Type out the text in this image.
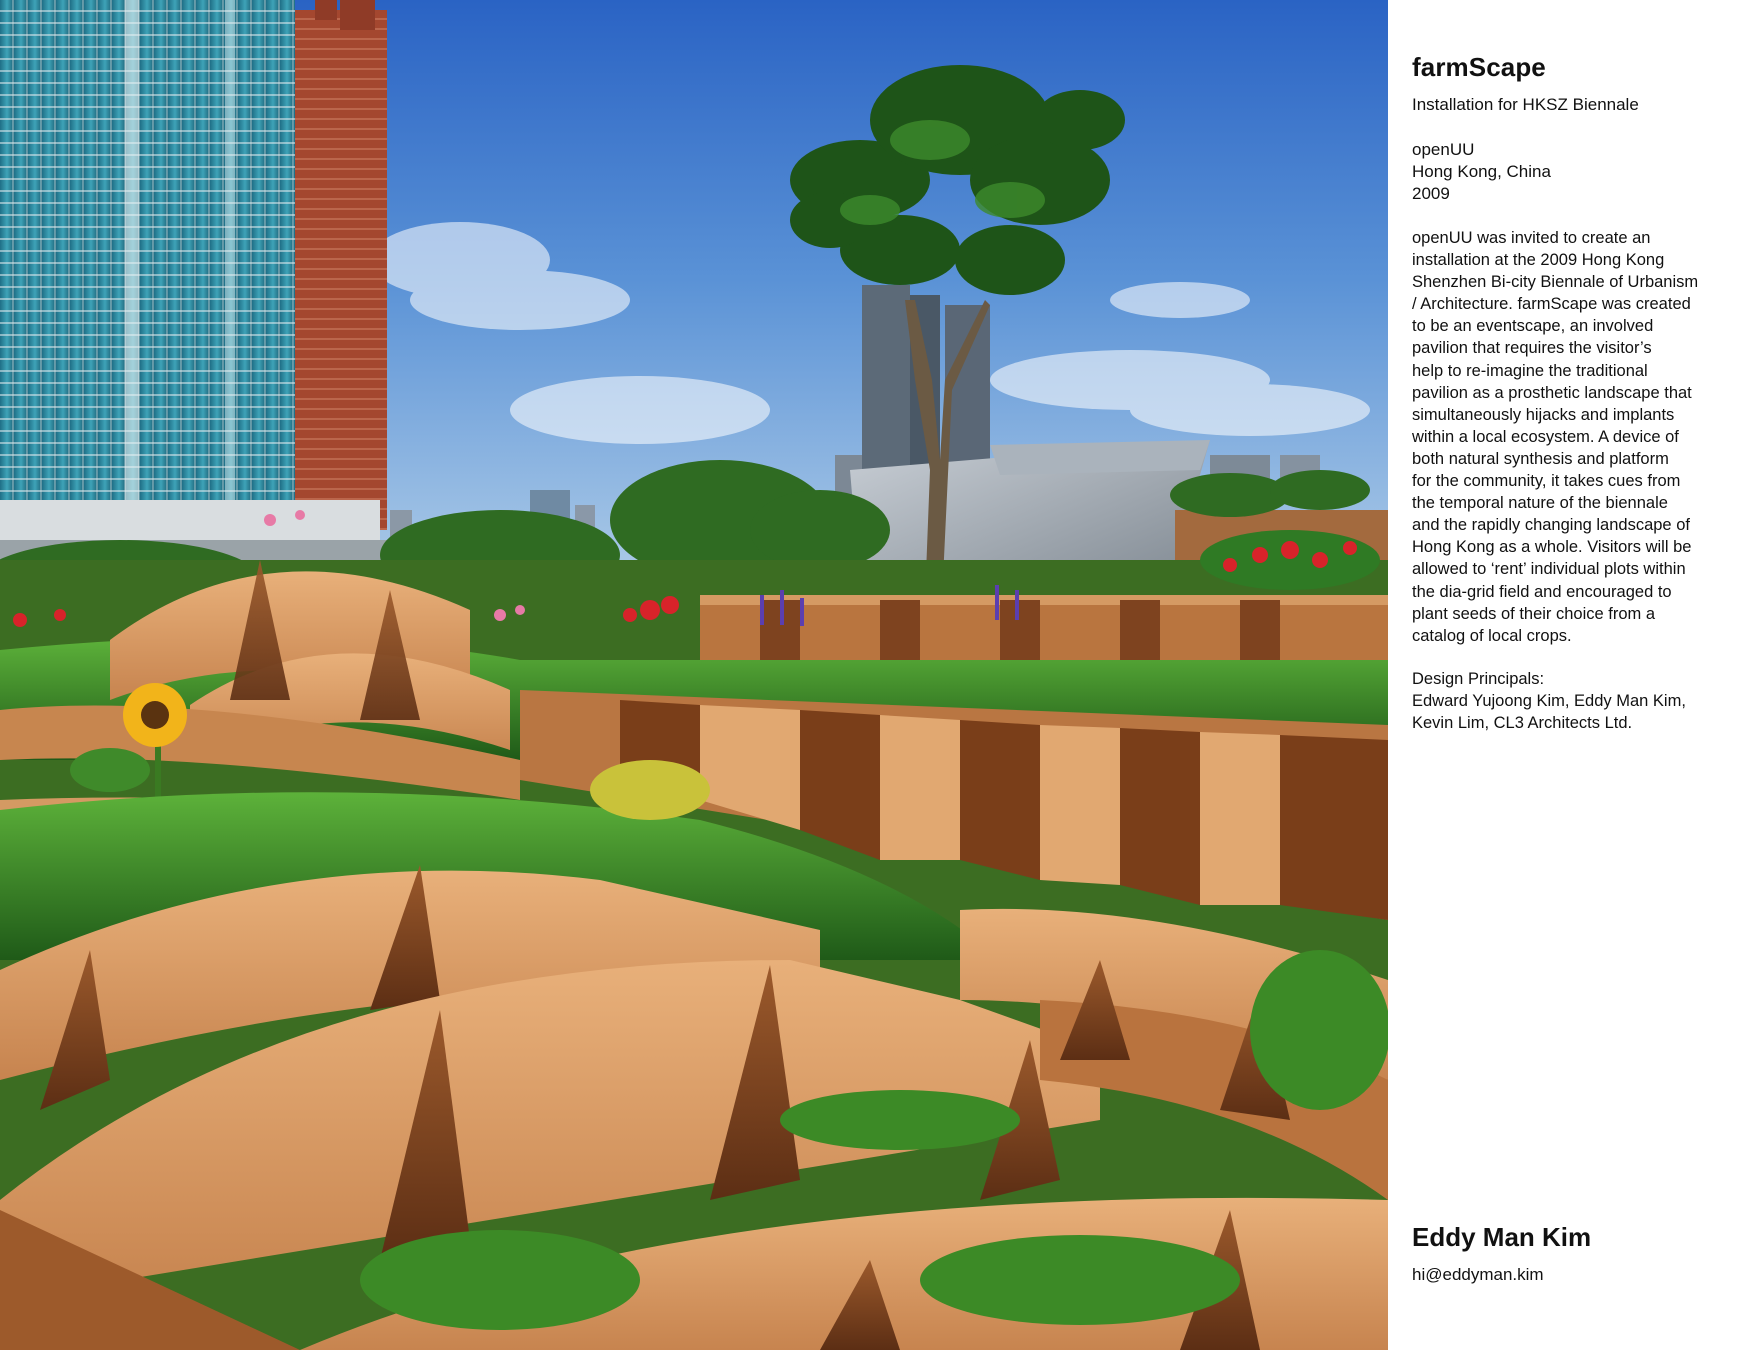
farmScape

Installation for HKSZ Biennale

openUU
Hong Kong, China
2009
openUU was invited to create an
installation at the 2009 Hong Kong
Shenzhen Bi-city Biennale of Urbanism
/ Architecture. farmScape was created
to be an eventscape, an involved
pavilion that requires the visitor’s
help to re-imagine the traditional
pavilion as a prosthetic landscape that
simultaneously hijacks and implants
within a local ecosystem. A device of
both natural synthesis and platform
for the community, it takes cues from
the temporal nature of the biennale
and the rapidly changing landscape of
Hong Kong as a whole. Visitors will be
allowed to ‘rent’ individual plots within
the dia-grid field and encouraged to
plant seeds of their choice from a
catalog of local crops.
Design Principals:
Edward Yujoong Kim, Eddy Man Kim,
Kevin Lim, CL3 Architects Ltd.
Eddy Man Kim

hi@eddyman.kim
